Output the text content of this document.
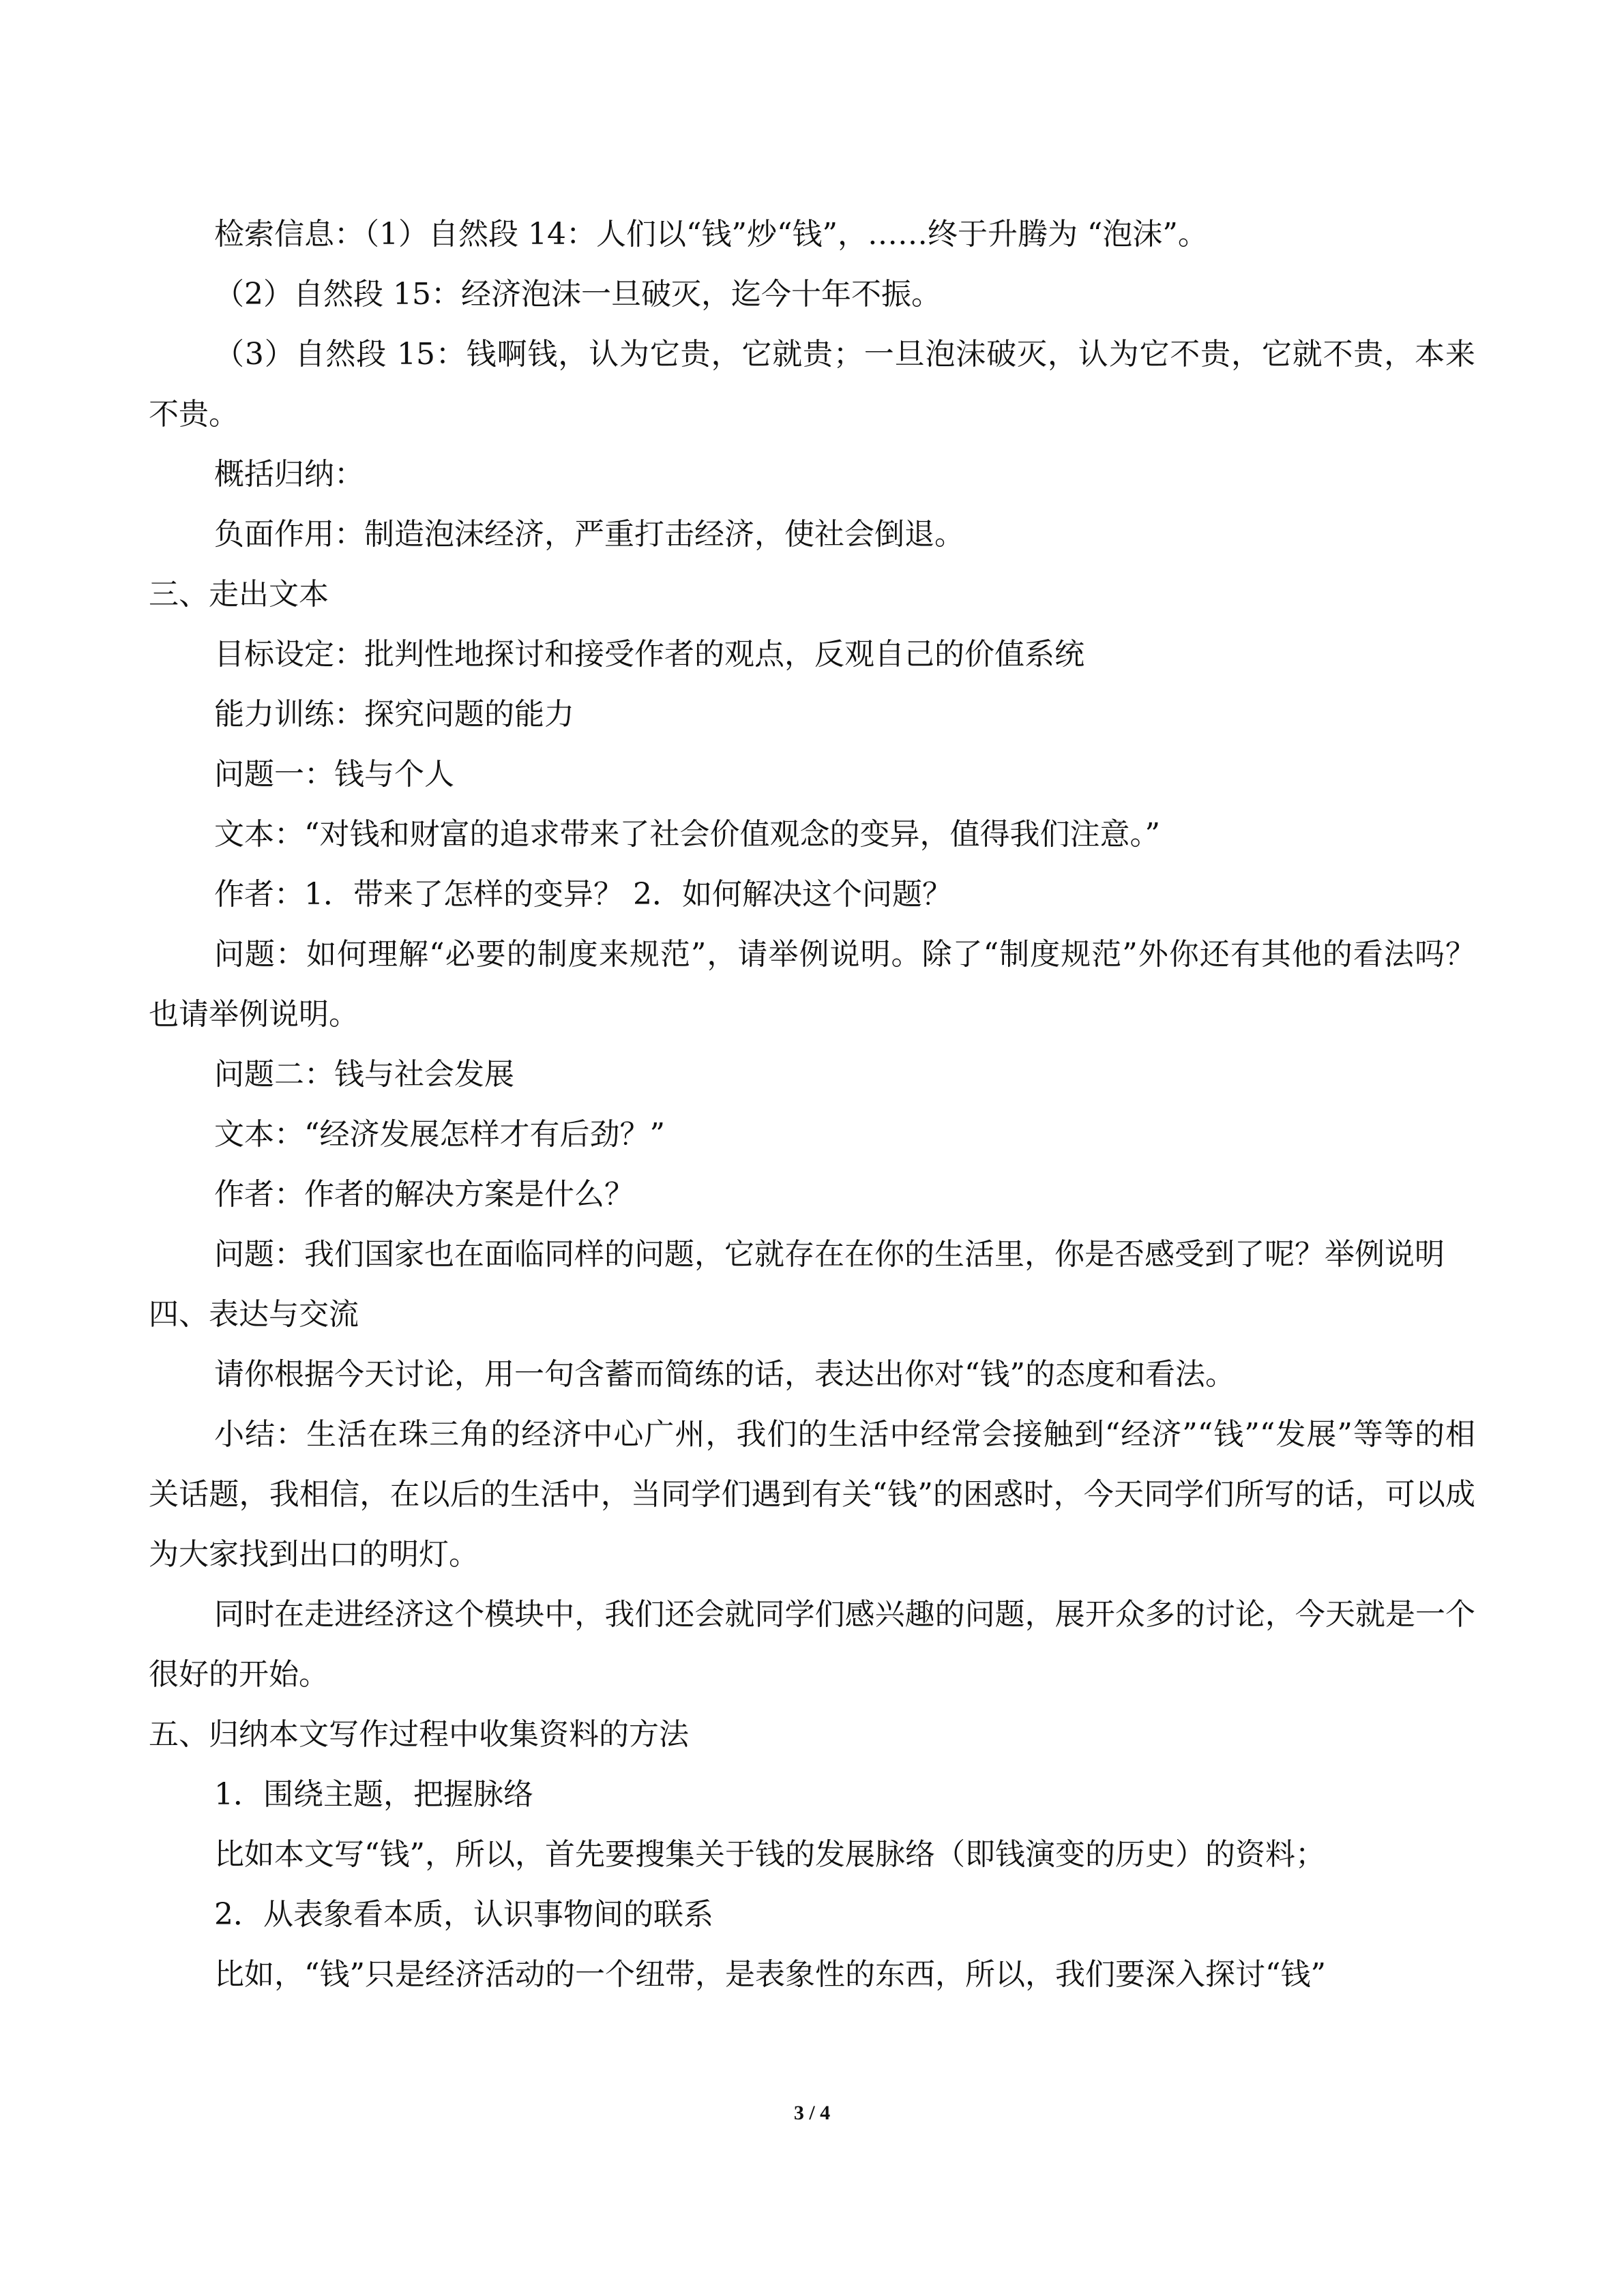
检索信息：（1）自然段 14：人们以“钱”炒“钱”，……终于升腾为 “泡沫”。

（2）自然段 15：经济泡沫一旦破灭，迄今十年不振。

（3）自然段 15：钱啊钱，认为它贵，它就贵；一旦泡沫破灭，认为它不贵，它就不贵，本来不贵。

概括归纳：

负面作用：制造泡沫经济，严重打击经济，使社会倒退。

三、走出文本

目标设定：批判性地探讨和接受作者的观点，反观自己的价值系统

能力训练：探究问题的能力

问题一：钱与个人

文本：“对钱和财富的追求带来了社会价值观念的变异，值得我们注意。”

作者：1．带来了怎样的变异？ 2．如何解决这个问题？

问题：如何理解“必要的制度来规范”，请举例说明。除了“制度规范”外你还有其他的看法吗？也请举例说明。

问题二：钱与社会发展

文本：“经济发展怎样才有后劲？”

作者：作者的解决方案是什么？

问题：我们国家也在面临同样的问题，它就存在在你的生活里，你是否感受到了呢？举例说明

四、表达与交流

请你根据今天讨论，用一句含蓄而简练的话，表达出你对“钱”的态度和看法。

小结：生活在珠三角的经济中心广州，我们的生活中经常会接触到“经济”“钱”“发展”等等的相关话题，我相信，在以后的生活中，当同学们遇到有关“钱”的困惑时，今天同学们所写的话，可以成为大家找到出口的明灯。

同时在走进经济这个模块中，我们还会就同学们感兴趣的问题，展开众多的讨论，今天就是一个很好的开始。

五、归纳本文写作过程中收集资料的方法

1．围绕主题，把握脉络

比如本文写“钱”，所以，首先要搜集关于钱的发展脉络（即钱演变的历史）的资料；

2．从表象看本质，认识事物间的联系

比如，“钱”只是经济活动的一个纽带，是表象性的东西，所以，我们要深入探讨“钱”

3 / 4
